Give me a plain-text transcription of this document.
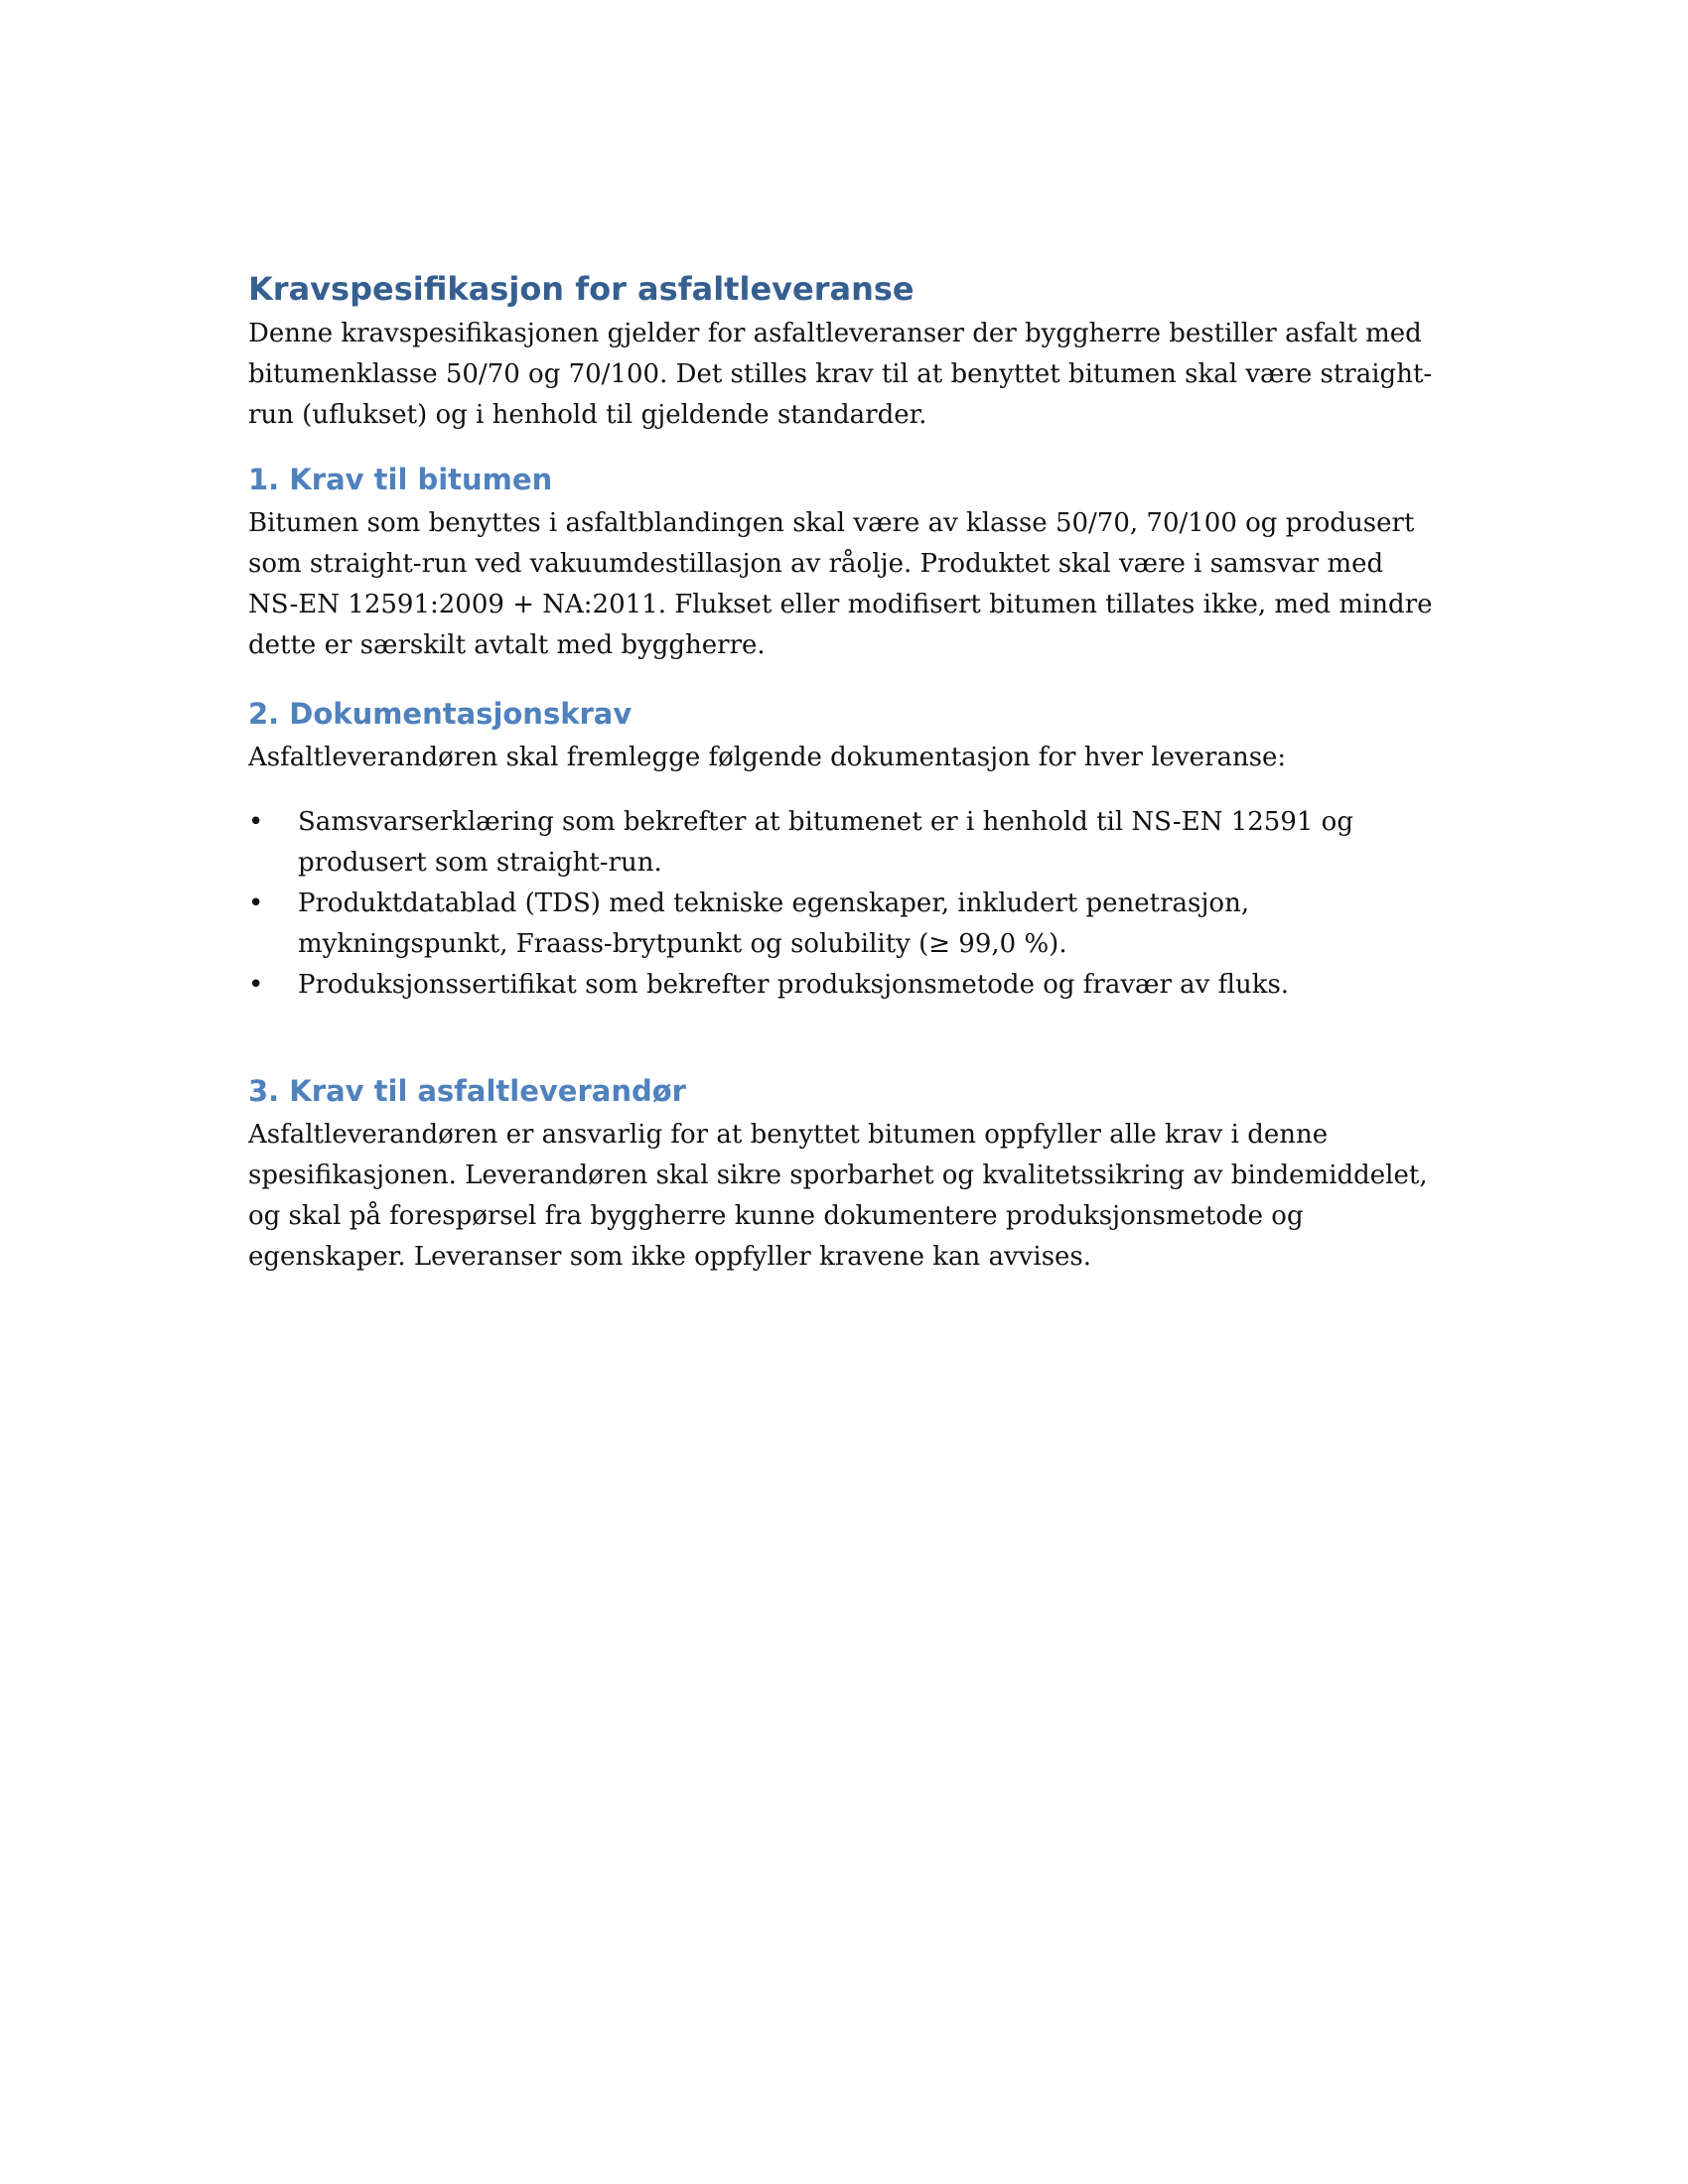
Kravspesifikasjon for asfaltleveranse

Denne kravspesifikasjonen gjelder for asfaltleveranser der byggherre bestiller asfalt med bitumenklasse 50/70 og 70/100. Det stilles krav til at benyttet bitumen skal være straight-run (uflukset) og i henhold til gjeldende standarder.

1. Krav til bitumen

Bitumen som benyttes i asfaltblandingen skal være av klasse 50/70, 70/100 og produsert som straight-run ved vakuumdestillasjon av råolje. Produktet skal være i samsvar med NS-EN 12591:2009 + NA:2011. Flukset eller modifisert bitumen tillates ikke, med mindre dette er særskilt avtalt med byggherre.

2. Dokumentasjonskrav

Asfaltleverandøren skal fremlegge følgende dokumentasjon for hver leveranse:

•	Samsvarserklæring som bekrefter at bitumenet er i henhold til NS-EN 12591 og produsert som straight-run.
•	Produktdatablad (TDS) med tekniske egenskaper, inkludert penetrasjon, mykningspunkt, Fraass-brytpunkt og solubility (≥ 99,0 %).
•	Produksjonssertifikat som bekrefter produksjonsmetode og fravær av fluks.
3. Krav til asfaltleverandør

Asfaltleverandøren er ansvarlig for at benyttet bitumen oppfyller alle krav i denne spesifikasjonen. Leverandøren skal sikre sporbarhet og kvalitetssikring av bindemiddelet, og skal på forespørsel fra byggherre kunne dokumentere produksjonsmetode og egenskaper. Leveranser som ikke oppfyller kravene kan avvises.
